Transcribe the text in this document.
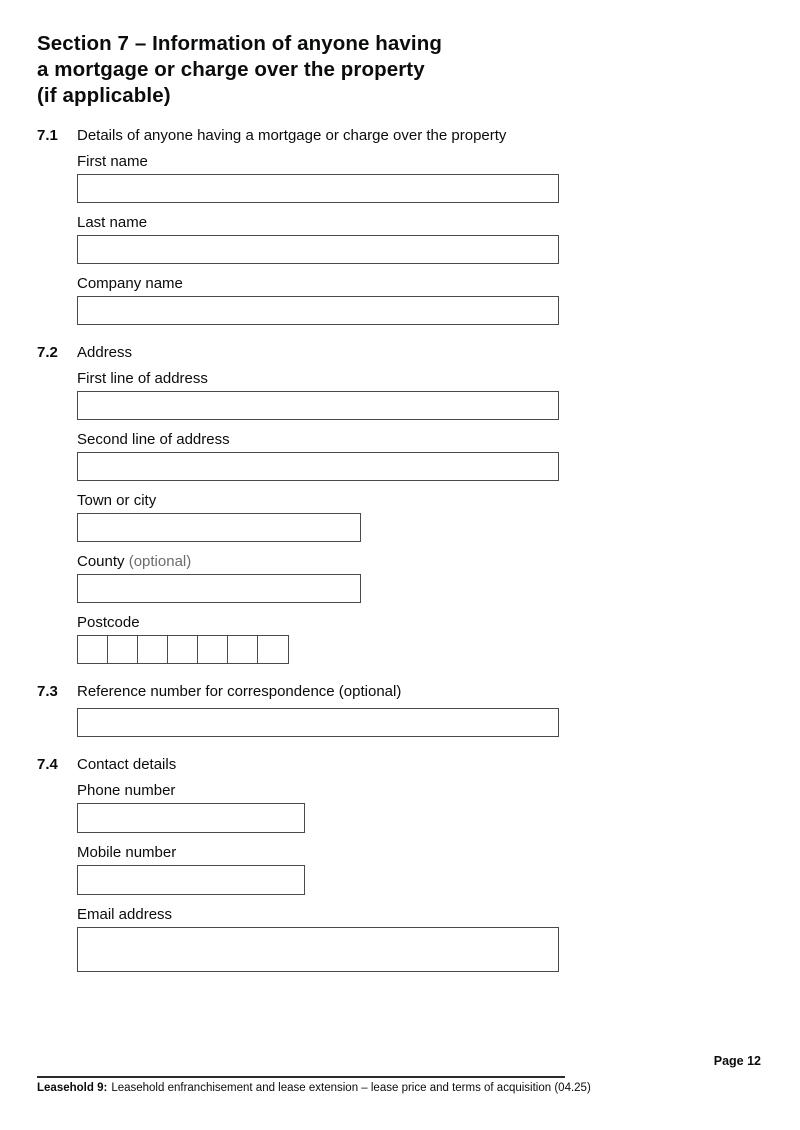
Section 7 – Information of anyone having
a mortgage or charge over the property
(if applicable)
7.1	Details of anyone having a mortgage or charge over the property
First name
Last name
Company name
7.2	Address
First line of address
Second line of address
Town or city
County (optional)
Postcode
7.3	Reference number for correspondence (optional)
7.4	Contact details
Phone number
Mobile number
Email address
Page 12
Leasehold 9: Leasehold enfranchisement and lease extension – lease price and terms of acquisition (04.25)
